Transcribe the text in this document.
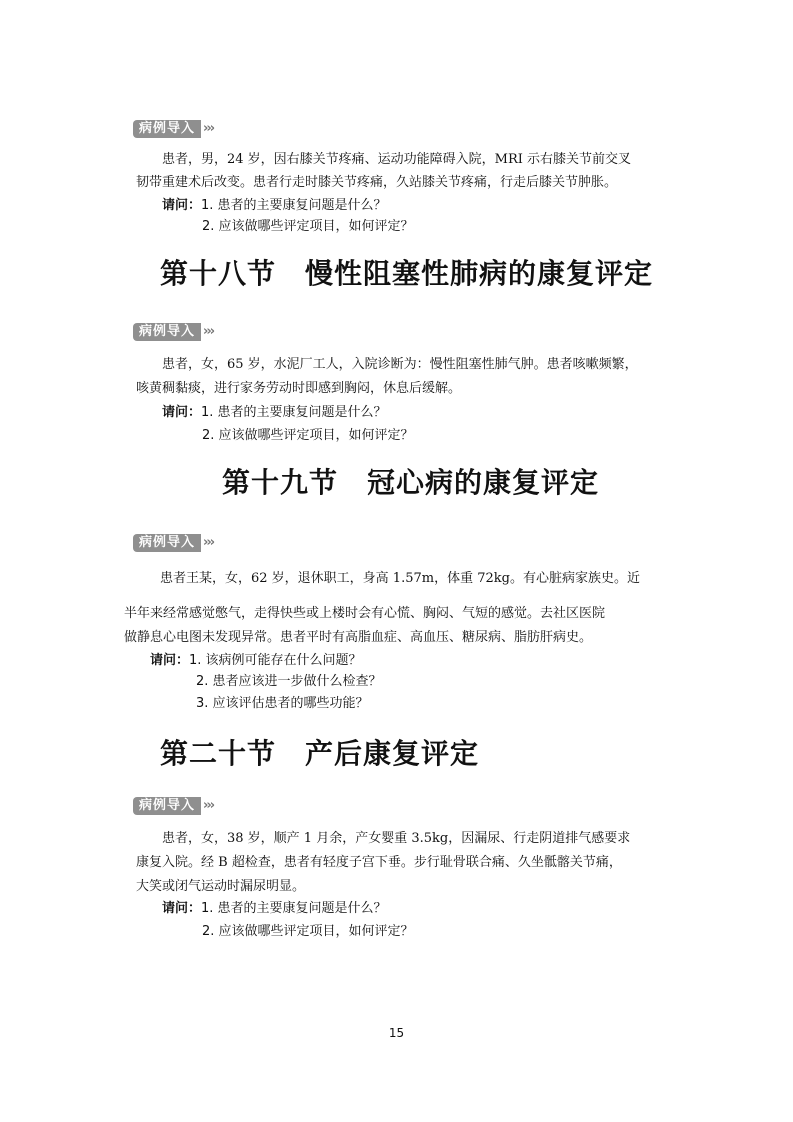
病例导入 ›››
患者，男，24 岁，因右膝关节疼痛、运动功能障碍入院，MRI 示右膝关节前交叉
韧带重建术后改变。患者行走时膝关节疼痛，久站膝关节疼痛，行走后膝关节肿胀。
请问：1. 患者的主要康复问题是什么？
2. 应该做哪些评定项目，如何评定？
第十八节　慢性阻塞性肺病的康复评定
病例导入 ›››
患者，女，65 岁，水泥厂工人，入院诊断为：慢性阻塞性肺气肿。患者咳嗽频繁，
咳黄稠黏痰，进行家务劳动时即感到胸闷，休息后缓解。
请问：1. 患者的主要康复问题是什么？
2. 应该做哪些评定项目，如何评定？
第十九节　冠心病的康复评定
病例导入 ›››
患者王某，女，62 岁，退休职工，身高 1.57m，体重 72kg。有心脏病家族史。近
半年来经常感觉憋气，走得快些或上楼时会有心慌、胸闷、气短的感觉。去社区医院
做静息心电图未发现异常。患者平时有高脂血症、高血压、糖尿病、脂肪肝病史。
请问：1. 该病例可能存在什么问题？
2. 患者应该进一步做什么检查？
3. 应该评估患者的哪些功能？
第二十节　产后康复评定
病例导入 ›››
患者，女，38 岁，顺产 1 月余，产女婴重 3.5kg，因漏尿、行走阴道排气感要求
康复入院。经 B 超检查，患者有轻度子宫下垂。步行耻骨联合痛、久坐骶髂关节痛，
大笑或闭气运动时漏尿明显。
请问：1. 患者的主要康复问题是什么？
2. 应该做哪些评定项目，如何评定？
15
